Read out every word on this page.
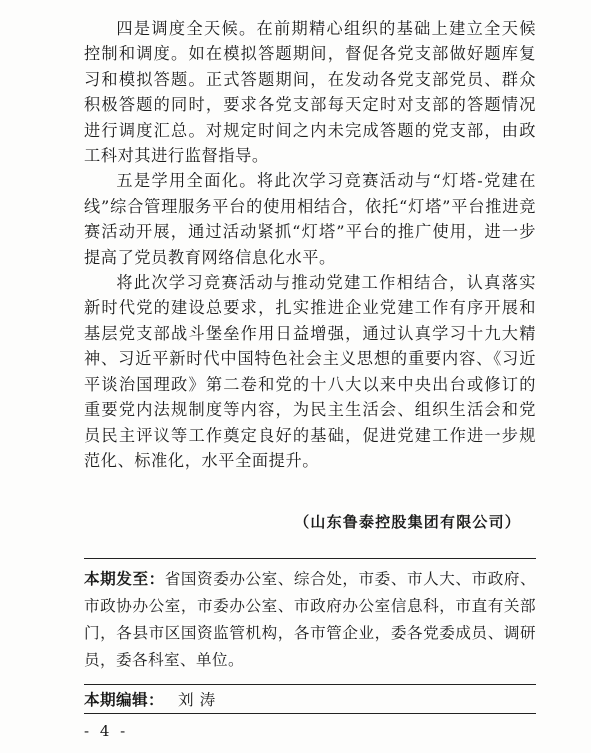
四是调度全天候。在前期精心组织的基础上建立全天候控制和调度。如在模拟答题期间，督促各党支部做好题库复习和模拟答题。正式答题期间，在发动各党支部党员、群众积极答题的同时，要求各党支部每天定时对支部的答题情况进行调度汇总。对规定时间之内未完成答题的党支部，由政工科对其进行监督指导。

五是学用全面化。将此次学习竞赛活动与“灯塔-党建在线”综合管理服务平台的使用相结合，依托“灯塔”平台推进竞赛活动开展，通过活动紧抓“灯塔”平台的推广使用，进一步提高了党员教育网络信息化水平。

将此次学习竞赛活动与推动党建工作相结合，认真落实新时代党的建设总要求，扎实推进企业党建工作有序开展和基层党支部战斗堡垒作用日益增强，通过认真学习十九大精神、习近平新时代中国特色社会主义思想的重要内容、《习近平谈治国理政》第二卷和党的十八大以来中央出台或修订的重要党内法规制度等内容，为民主生活会、组织生活会和党员民主评议等工作奠定良好的基础，促进党建工作进一步规范化、标准化，水平全面提升。

（山东鲁泰控股集团有限公司）
本期发至：省国资委办公室、综合处，市委、市人大、市政府、市政协办公室，市委办公室、市政府办公室信息科，市直有关部门，各县市区国资监管机构，各市管企业，委各党委成员、调研员，委各科室、单位。
本期编辑： 刘涛
- 4 -
